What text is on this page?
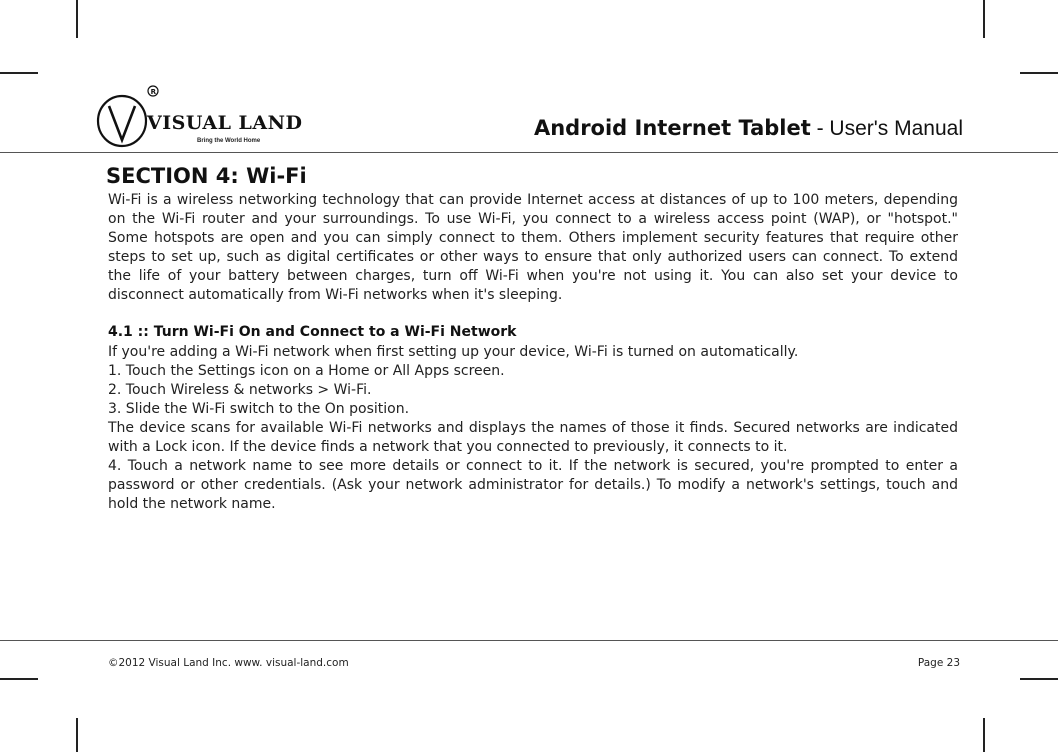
R
VISUAL LAND
Bring the World Home
Android Internet Tablet - User's Manual
SECTION 4: Wi-Fi

Wi-Fi is a wireless networking technology that can provide Internet access at distances of up to 100 meters, depending on the Wi-Fi router and your surroundings. To use Wi-Fi, you connect to a wireless access point (WAP), or "hotspot." Some hotspots are open and you can simply connect to them. Others implement security features that require other steps to set up, such as digital certificates or other ways to ensure that only authorized users can connect. To extend the life of your battery between charges, turn off Wi-Fi when you're not using it. You can also set your device to disconnect automatically from Wi-Fi networks when it's sleeping.

4.1 :: Turn Wi-Fi On and Connect to a Wi-Fi Network

If you're adding a Wi-Fi network when first setting up your device, Wi-Fi is turned on automatically.

1. Touch the Settings icon on a Home or All Apps screen.

2. Touch Wireless & networks > Wi-Fi.

3. Slide the Wi-Fi switch to the On position.

The device scans for available Wi-Fi networks and displays the names of those it finds. Secured networks are indicated with a Lock icon. If the device finds a network that you connected to previously, it connects to it.

4. Touch a network name to see more details or connect to it. If the network is secured, you're prompted to enter a password or other credentials. (Ask your network administrator for details.) To modify a network's settings, touch and hold the network name.

©2012 Visual Land Inc. www. visual-land.com	Page 23
